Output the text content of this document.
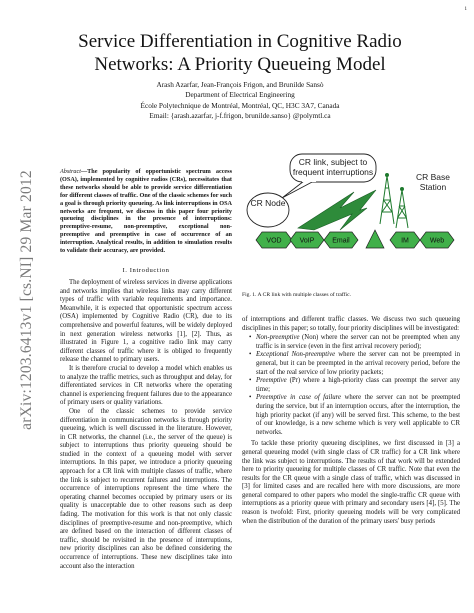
1
arXiv:1203.6413v1 [cs.NI] 29 Mar 2012
Service Differentiation in Cognitive Radio
Networks: A Priority Queueing Model
Arash Azarfar, Jean-François Frigon, and Brunilde Sansò
Department of Electrical Engineering
École Polytechnique de Montréal, Montréal, QC, H3C 3A7, Canada
Email: {arash.azarfar, j-f.frigon, brunilde.sanso} @polymtl.ca

Abstract—The popularity of opportunistic spectrum access (OSA), implemented by cognitive radios (CRs), necessitates that these networks should be able to provide service differentiation for different classes of traffic. One of the classic schemes for such a goal is through priority queueing. As link interruptions in OSA networks are frequent, we discuss in this paper four priority queueing disciplines in the presence of interruptions: preemptive-resume, non-preemptive, exceptional non-preemptive and preemptive in case of occurrence of an interruption. Analytical results, in addition to simulation results to validate their accuracy, are provided.

CR link, subject to frequent interruptions
CR Node
CR Base Station
VOD	VoIP	Email	IM	Web
Fig. 1. A CR link with multiple classes of traffic.
I. Introduction

The deployment of wireless services in diverse applications and networks implies that wireless links may carry different types of traffic with variable requirements and importance. Meanwhile, it is expected that opportunistic spectrum access (OSA) implemented by Cognitive Radio (CR), due to its comprehensive and powerful features, will be widely deployed in next generation wireless networks [1], [2]. Thus, as illustrated in Figure 1, a cognitive radio link may carry different classes of traffic where it is obliged to frequently release the channel to primary users.

It is therefore crucial to develop a model which enables us to analyze the traffic metrics, such as throughput and delay, for differentiated services in CR networks where the operating channel is experiencing frequent failures due to the appearance of primary users or quality variations.

One of the classic schemes to provide service differentiation in communication networks is through priority queueing, which is well discussed in the literature. However, in CR networks, the channel (i.e., the server of the queue) is subject to interruptions thus priority queueing should be studied in the context of a queueing model with server interruptions. In this paper, we introduce a priority queueing approach for a CR link with multiple classes of traffic, where the link is subject to recurrent failures and interruptions. The occurrence of interruptions represent the time where the operating channel becomes occupied by primary users or its quality is unacceptable due to other reasons such as deep fading. The motivation for this work is that not only classic disciplines of preemptive-resume and non-preemptive, which are defined based on the interaction of different classes of traffic, should be revisited in the presence of interruptions, new priority disciplines can also be defined considering the occurrence of interruptions. These new disciplines take into account also the interaction

of interruptions and different traffic classes. We discuss two such queueing disciplines in this paper; so totally, four priority disciplines will be investigated:

• Non-preemptive (Non) where the server can not be preempted when any traffic is in service (even in the first arrival recovery period);
• Exceptional Non-preemptive where the server can not be preempted in general, but it can be preempted in the arrival recovery period, before the start of the real service of low priority packets;
• Preemptive (Pr) where a high-priority class can preempt the server any time;
• Preemptive in case of failure where the server can not be preempted during the service, but if an interruption occurs, after the interruption, the high priority packet (if any) will be served first. This scheme, to the best of our knowledge, is a new scheme which is very well applicable to CR networks.

To tackle these priority queueing disciplines, we first discussed in [3] a general queueing model (with single class of CR traffic) for a CR link where the link was subject to interruptions. The results of that work will be extended here to priority queueing for multiple classes of CR traffic. Note that even the results for the CR queue with a single class of traffic, which was discussed in [3] for limited cases and are recalled here with more discussions, are more general compared to other papers who model the single-traffic CR queue with interruptions as a priority queue with primary and secondary users [4], [5]. The reason is twofold: First, priority queueing models will be very complicated when the distribution of the duration of the primary users' busy periods
